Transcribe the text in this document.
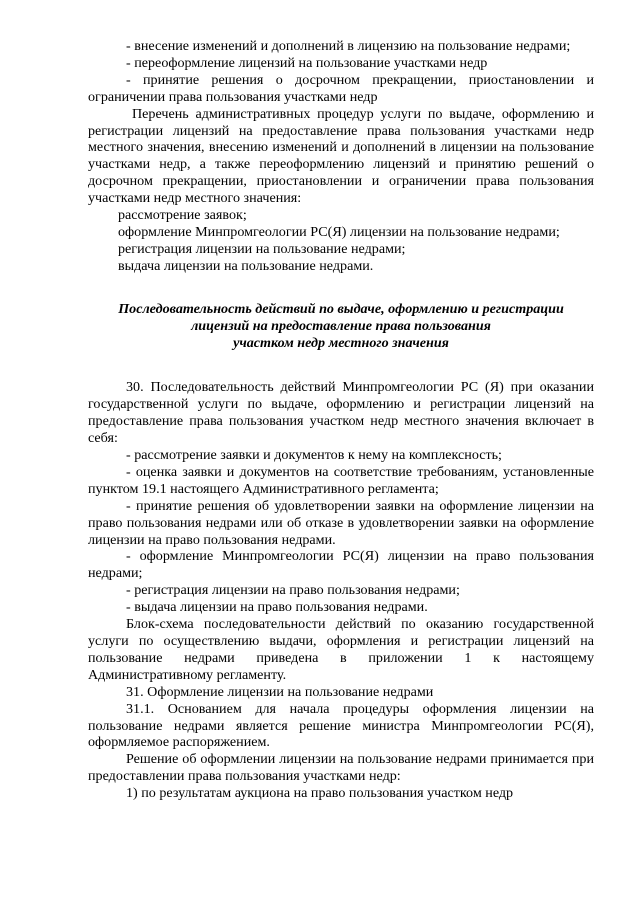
- внесение изменений и дополнений в лицензию на пользование недрами;

- переоформление лицензий на пользование участками недр

- принятие решения о досрочном прекращении, приостановлении и ограничении права пользования участками недр

Перечень административных процедур услуги по выдаче, оформлению и регистрации лицензий на предоставление права пользования участками недр местного значения, внесению изменений и дополнений в лицензии на пользование участками недр, а также переоформлению лицензий и принятию решений о досрочном прекращении, приостановлении и ограничении права пользования участками недр местного значения:

рассмотрение заявок;

оформление Минпромгеологии РС(Я) лицензии на пользование недрами;

регистрация лицензии на пользование недрами;

выдача лицензии на пользование недрами.

Последовательность действий по выдаче, оформлению и регистрации
лицензий на предоставление права пользования
участком недр местного значения

30. Последовательность действий Минпромгеологии РС (Я) при оказании государственной услуги по выдаче, оформлению и регистрации лицензий на предоставление права пользования участком недр местного значения включает в себя:

- рассмотрение заявки и документов к нему на комплексность;

- оценка заявки и документов на соответствие требованиям, установленные пунктом 19.1 настоящего Административного регламента;

- принятие решения об удовлетворении заявки на оформление лицензии на право пользования недрами или об отказе в удовлетворении заявки на оформление лицензии на право пользования недрами.

- оформление Минпромгеологии РС(Я) лицензии на право пользования недрами;

- регистрация лицензии на право пользования недрами;

- выдача лицензии на право пользования недрами.

Блок-схема последовательности действий по оказанию государственной услуги по осуществлению выдачи, оформления и регистрации лицензий на пользование недрами приведена в приложении 1 к настоящему Административному регламенту.

31. Оформление лицензии на пользование недрами

31.1. Основанием для начала процедуры оформления лицензии на пользование недрами является решение министра Минпромгеологии РС(Я), оформляемое распоряжением.

Решение об оформлении лицензии на пользование недрами принимается при предоставлении права пользования участками недр:

1) по результатам аукциона на право пользования участком недр
